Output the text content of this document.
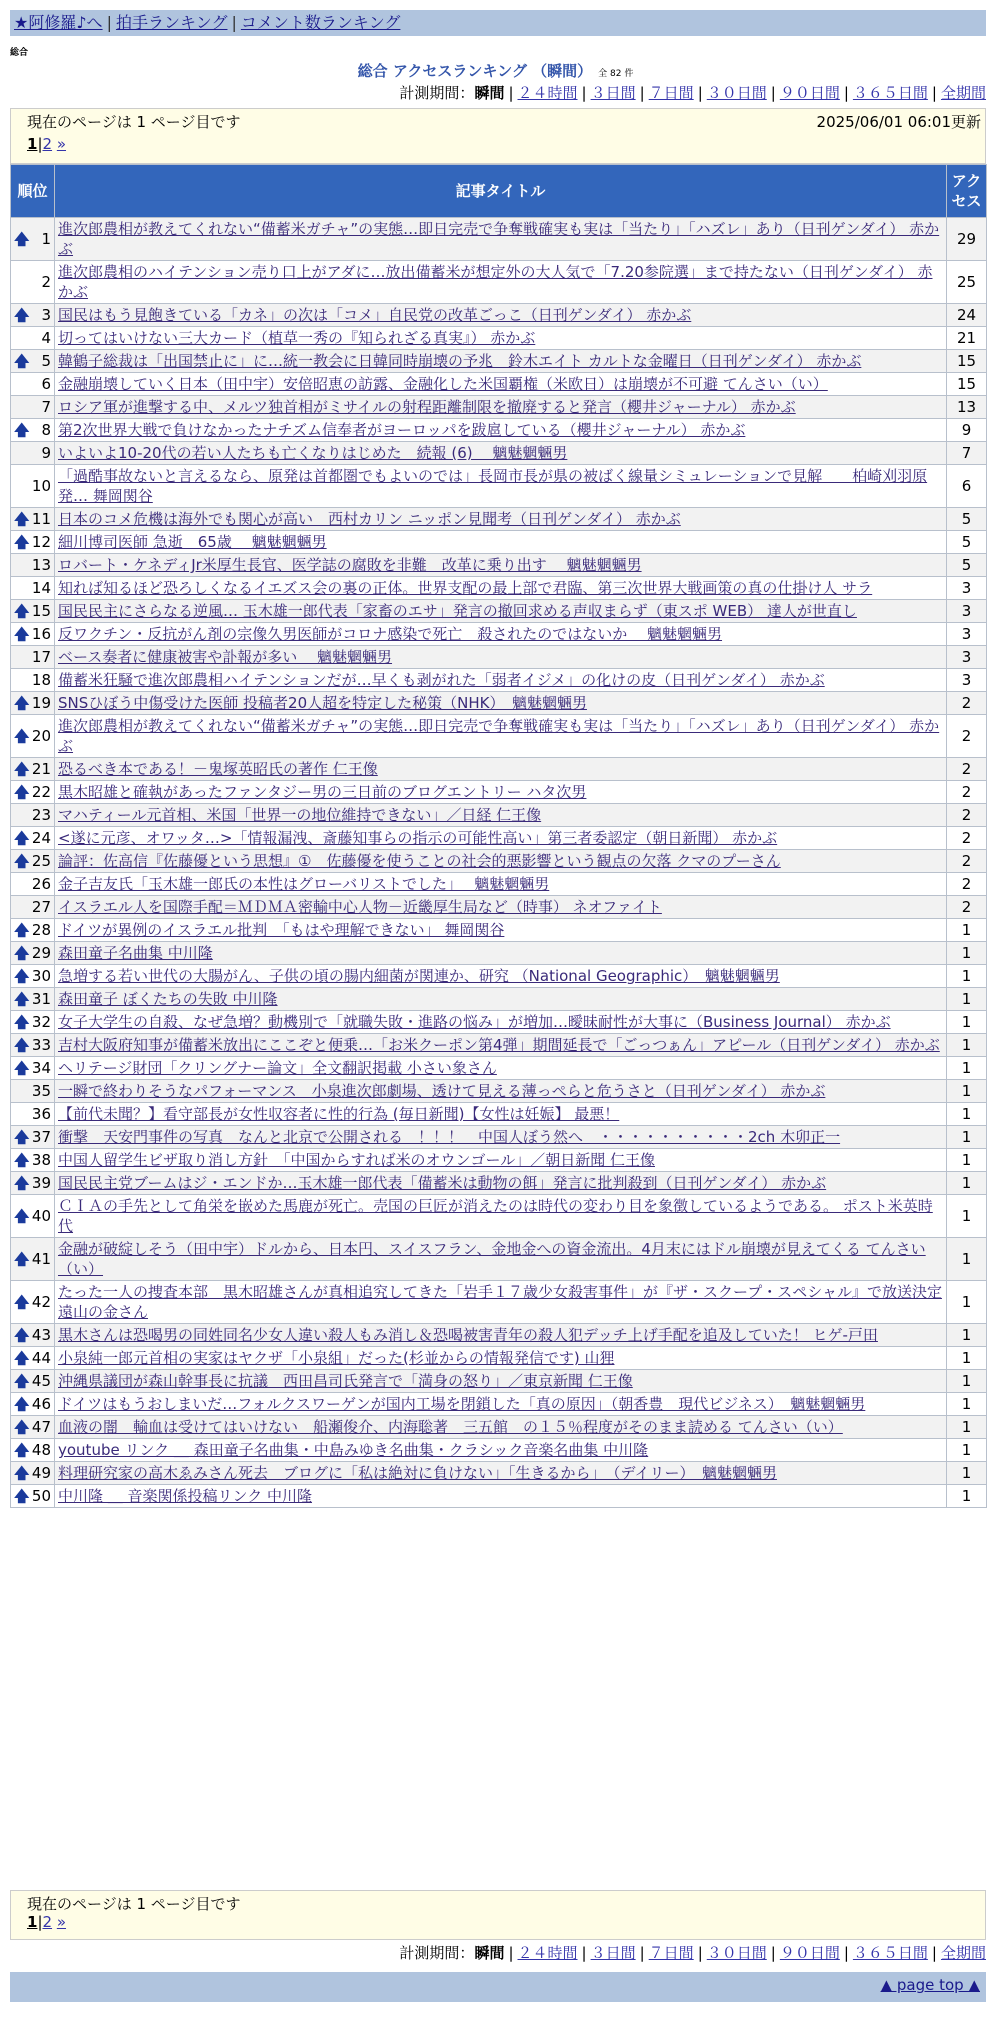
★阿修羅♪へ | 拍手ランキング | コメント数ランキング
総合
総合 アクセスランキング （瞬間） 全 82 件
計測期間：瞬間 | ２４時間 | ３日間 | ７日間 | ３０日間 | ９０日間 | ３６５日間 | 全期間
現在のページは 1 ページ目です	2025/06/01 06:01更新
1|2 »
順位	記事タイトル	アクセス

🡅 1	進次郎農相が教えてくれない“備蓄米ガチャ”の実態…即日完売で争奪戦確実も実は「当たり」「ハズレ」あり（日刊ゲンダイ） 赤かぶ	29
2	進次郎農相のハイテンション売り口上がアダに…放出備蓄米が想定外の大人気で「7.20参院選」まで持たない（日刊ゲンダイ） 赤かぶ	25

🡅 3	国民はもう見飽きている「カネ」の次は「コメ」自民党の改革ごっこ（日刊ゲンダイ） 赤かぶ	24
4	切ってはいけない三大カード（植草一秀の『知られざる真実』） 赤かぶ	21

🡅 5	韓鶴子総裁は「出国禁止に」に…統一教会に日韓同時崩壊の予兆　鈴木エイト カルトな金曜日（日刊ゲンダイ） 赤かぶ	15
6	金融崩壊していく日本（田中宇）安倍昭恵の訪露、金融化した米国覇権（米欧日）は崩壊が不可避 てんさい（い）	15
7	ロシア軍が進撃する中、メルツ独首相がミサイルの射程距離制限を撤廃すると発言（櫻井ジャーナル） 赤かぶ	13

🡅 8	第2次世界大戦で負けなかったナチズム信奉者がヨーロッパを跋扈している（櫻井ジャーナル） 赤かぶ	9
9	いよいよ10-20代の若い人たちも亡くなりはじめた　続報 (6)　 魑魅魍魎男	7
10	「過酷事故ないと言えるなら、原発は首都圏でもよいのでは」長岡市長が県の被ばく線量シミュレーションで見解　　柏崎刈羽原発… 舞岡関谷	6

🡅 11	日本のコメ危機は海外でも関心が高い　西村カリン ニッポン見聞考（日刊ゲンダイ） 赤かぶ	5

🡅 12	細川博司医師 急逝　65歳　 魑魅魍魎男	5
13	ロバート・ケネディJr米厚生長官、医学誌の腐敗を非難　改革に乗り出す　 魑魅魍魎男	5
14	知れば知るほど恐ろしくなるイエズス会の裏の正体。世界支配の最上部で君臨、第三次世界大戦画策の真の仕掛け人 サラ	3

🡅 15	国民民主にさらなる逆風… 玉木雄一郎代表「家畜のエサ」発言の撤回求める声収まらず（東スポ WEB） 達人が世直し	3

🡅 16	反ワクチン・反抗がん剤の宗像久男医師がコロナ感染で死亡　殺されたのではないか　 魑魅魍魎男	3
17	ベース奏者に健康被害や訃報が多い　 魑魅魍魎男	3
18	備蓄米狂騒で進次郎農相ハイテンションだが…早くも剥がれた「弱者イジメ」の化けの皮（日刊ゲンダイ） 赤かぶ	3

🡅 19	SNSひぼう中傷受けた医師 投稿者20人超を特定した秘策（NHK）　魑魅魍魎男	2

🡅 20	進次郎農相が教えてくれない“備蓄米ガチャ”の実態…即日完売で争奪戦確実も実は「当たり」「ハズレ」あり（日刊ゲンダイ） 赤かぶ	2

🡅 21	恐るべき本である！－鬼塚英昭氏の著作 仁王像	2

🡅 22	黒木昭雄と確執があったファンタジー男の三日前のブログエントリー ハタ次男	2
23	マハティール元首相、米国「世界一の地位維持できない」／日経 仁王像	2

🡅 24	<遂に元彦、オワッタ…>「情報漏洩、斎藤知事らの指示の可能性高い」第三者委認定（朝日新聞） 赤かぶ	2

🡅 25	論評：佐高信『佐藤優という思想』①　佐藤優を使うことの社会的悪影響という観点の欠落 クマのプーさん	2
26	金子吉友氏「玉木雄一郎氏の本性はグローバリストでした」　 魑魅魍魎男	2
27	イスラエル人を国際手配＝ＭＤＭＡ密輸中心人物－近畿厚生局など（時事） ネオファイト	2

🡅 28	ドイツが異例のイスラエル批判　「もはや理解できない」 舞岡関谷	1

🡅 29	森田童子名曲集 中川隆	1

🡅 30	急増する若い世代の大腸がん、子供の頃の腸内細菌が関連か、研究 （National Geographic）　魑魅魍魎男	1

🡅 31	森田童子 ぼくたちの失敗 中川隆	1

🡅 32	女子大学生の自殺、なぜ急増？動機別で「就職失敗・進路の悩み」が増加…曖昧耐性が大事に（Business Journal） 赤かぶ	1

🡅 33	吉村大阪府知事が備蓄米放出にここぞと便乗…「お米クーポン第4弾」期間延長で「ごっつぁん」アピール（日刊ゲンダイ） 赤かぶ	1

🡅 34	ヘリテージ財団「クリングナー論文」全文翻訳掲載 小さい象さん	1
35	一瞬で終わりそうなパフォーマンス　小泉進次郎劇場、透けて見える薄っぺらと危うさと（日刊ゲンダイ） 赤かぶ	1
36	【前代未聞？】看守部長が女性収容者に性的行為 (毎日新聞)【女性は妊娠】 最悪！	1

🡅 37	衝撃　天安門事件の写真　なんと北京で公開される　！！！　中国人ぼう然へ　・・・・・・・・・・2ch 木卯正一	1

🡅 38	中国人留学生ビザ取り消し方針　「中国からすれば米のオウンゴール」／朝日新聞 仁王像	1

🡅 39	国民民主党ブームはジ・エンドか…玉木雄一郎代表「備蓄米は動物の餌」発言に批判殺到（日刊ゲンダイ） 赤かぶ	1

🡅 40	ＣＩＡの手先として角栄を嵌めた馬鹿が死亡。売国の巨匠が消えたのは時代の変わり目を象徴しているようである。 ポスト米英時代	1

🡅 41	金融が破綻しそう（田中宇）ドルから、日本円、スイスフラン、金地金への資金流出。4月末にはドル崩壊が見えてくる てんさい（い）	1

🡅 42	たった一人の捜査本部　黒木昭雄さんが真相追究してきた「岩手１７歳少女殺害事件」が『ザ・スクープ・スペシャル』で放送決定 遠山の金さん	1

🡅 43	黒木さんは恐喝男の同姓同名少女人違い殺人もみ消し＆恐喝被害青年の殺人犯デッチ上げ手配を追及していた！ ヒゲ-戸田	1

🡅 44	小泉純一郎元首相の実家はヤクザ「小泉組」だった(杉並からの情報発信です) 山狸	1

🡅 45	沖縄県議団が森山幹事長に抗議　西田昌司氏発言で「満身の怒り」／東京新聞 仁王像	1

🡅 46	ドイツはもうおしまいだ…フォルクスワーゲンが国内工場を閉鎖した「真の原因」（朝香豊　現代ビジネス）　魑魅魍魎男	1

🡅 47	血液の闇　輸血は受けてはいけない　船瀬俊介、内海聡著　三五館　の１５％程度がそのまま読める てんさい（い）	1

🡅 48	youtube リンク ＿ 森田童子名曲集・中島みゆき名曲集・クラシック音楽名曲集 中川隆	1

🡅 49	料理研究家の高木ゑみさん死去　ブログに「私は絶対に負けない」「生きるから」　（デイリー）　魑魅魍魎男	1

🡅 50	中川隆 ＿ 音楽関係投稿リンク 中川隆	1
現在のページは 1 ページ目です
1|2 »
計測期間：瞬間 | ２４時間 | ３日間 | ７日間 | ３０日間 | ９０日間 | ３６５日間 | 全期間
▲ page top ▲
